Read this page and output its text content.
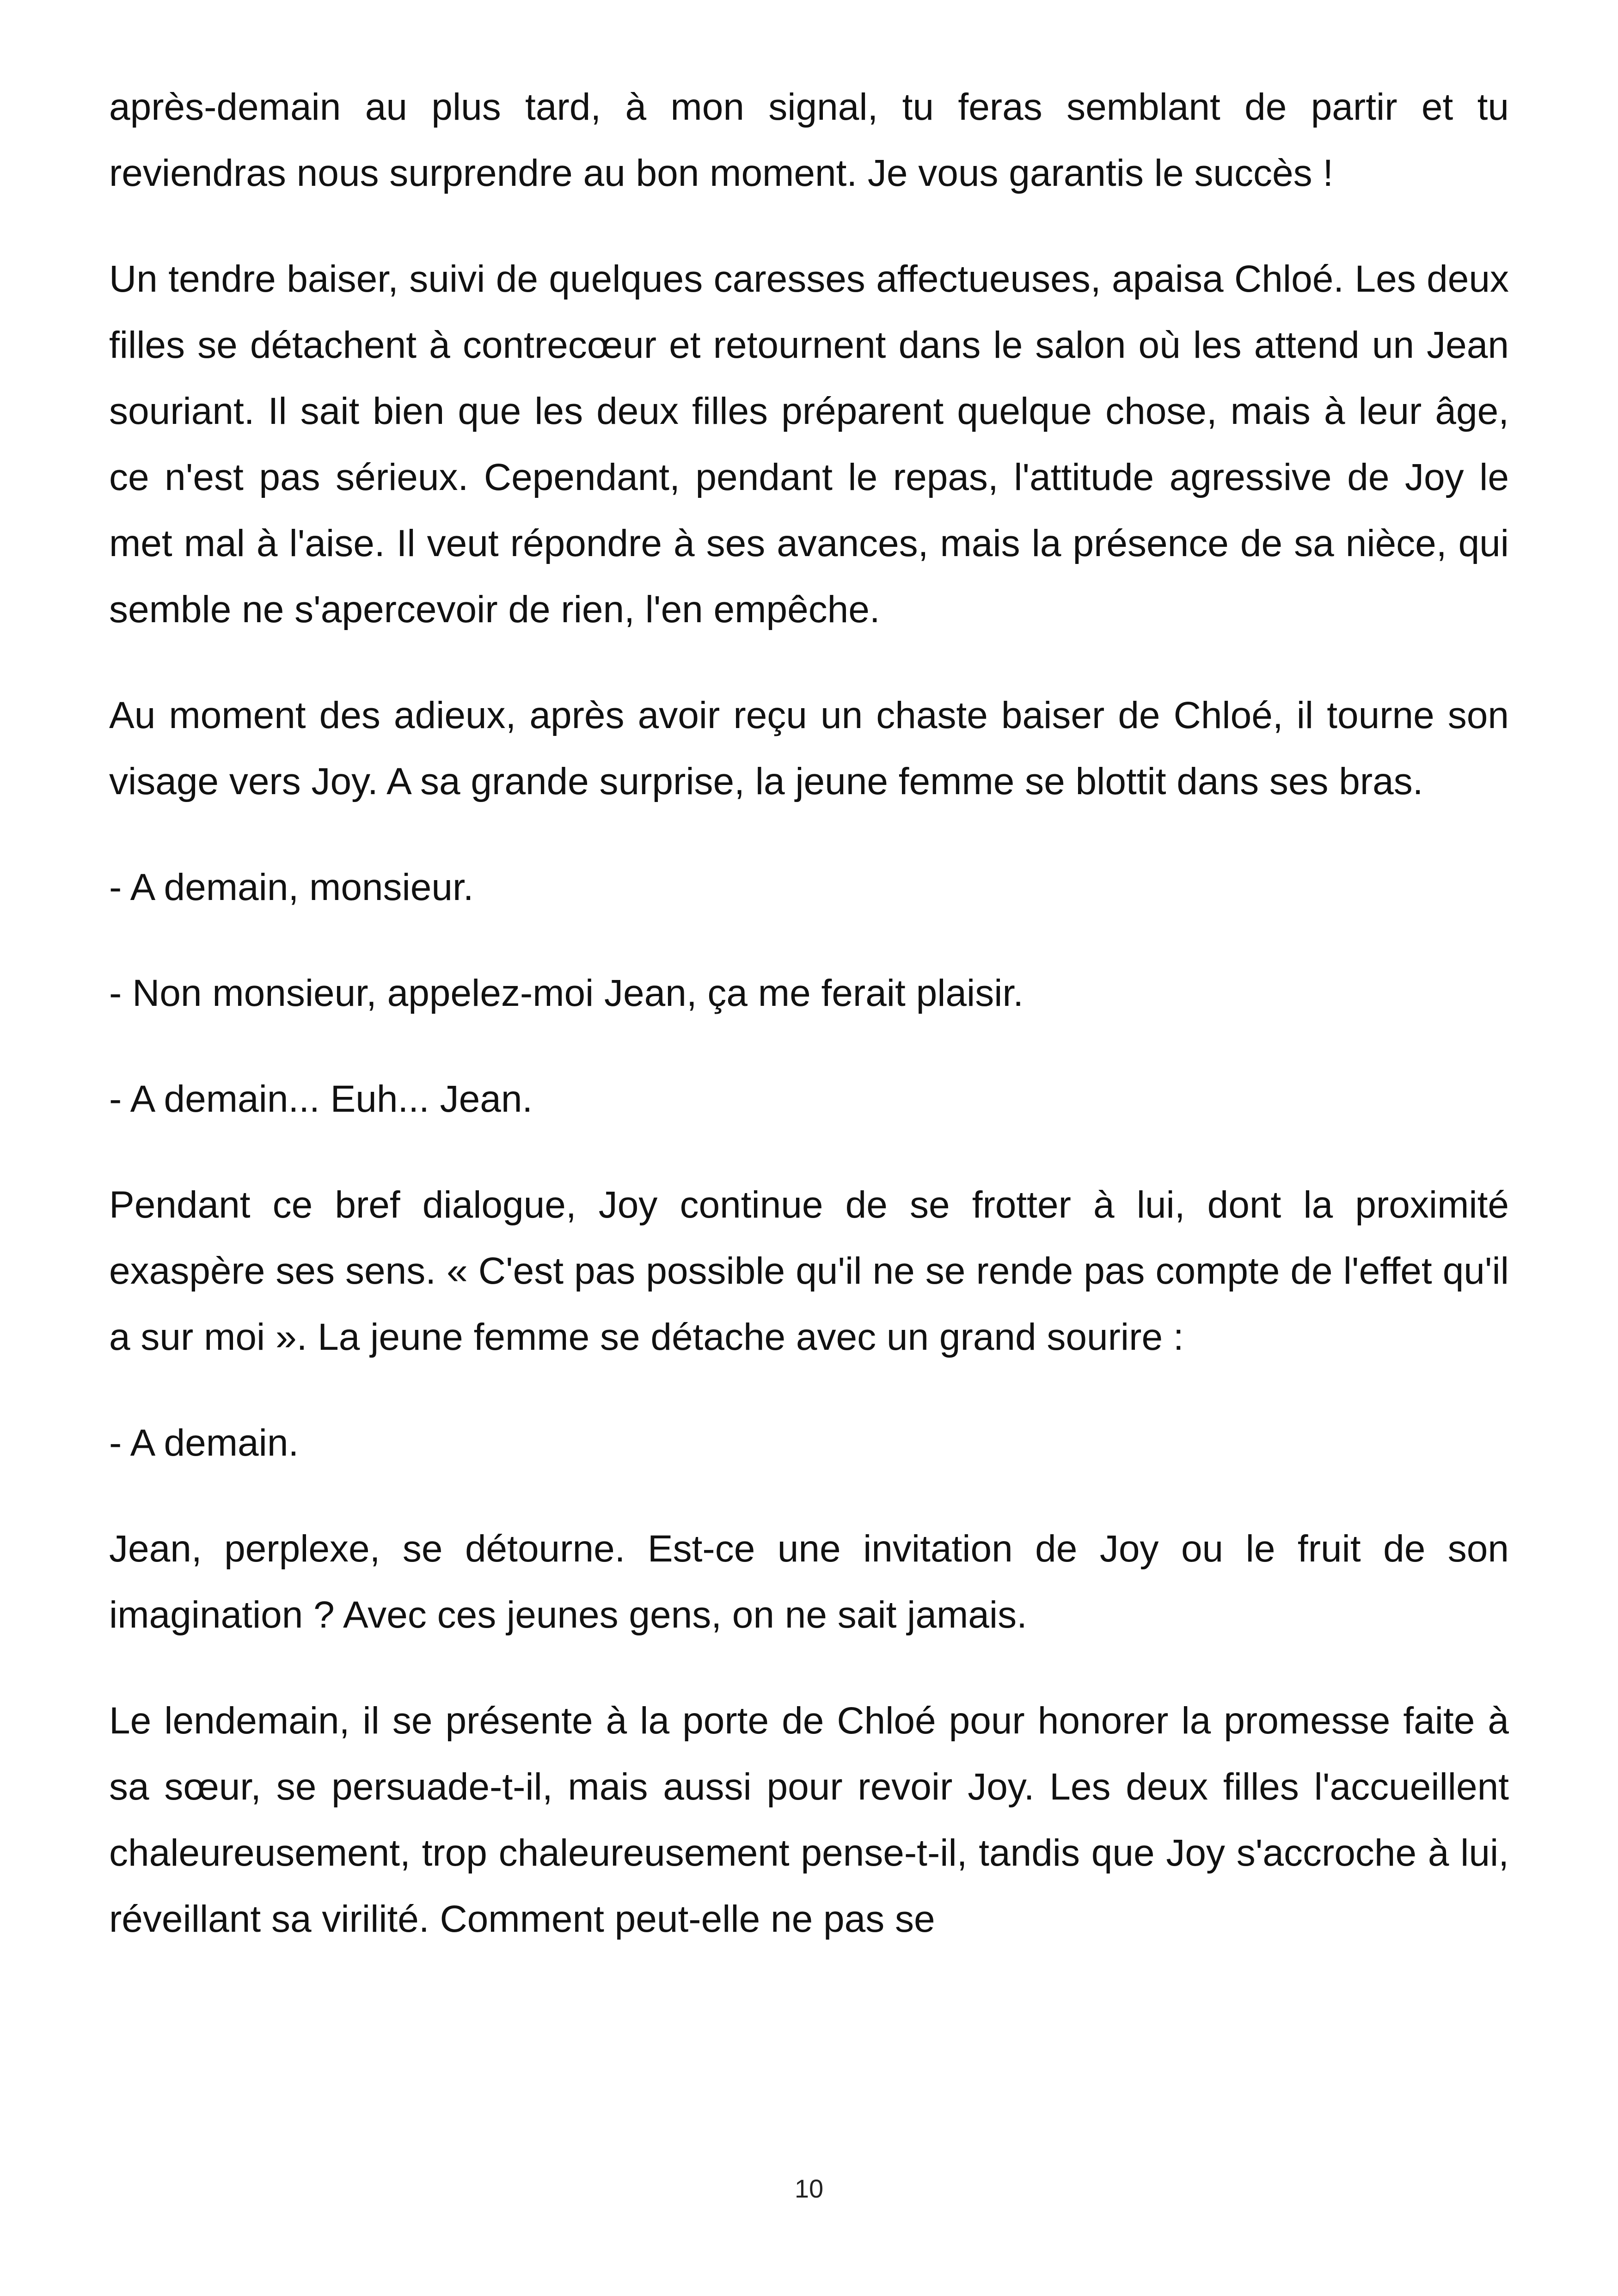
après-demain au plus tard, à mon signal, tu feras semblant de partir et tu reviendras nous surprendre au bon moment. Je vous garantis le succès !

Un tendre baiser, suivi de quelques caresses affectueuses, apaisa Chloé. Les deux filles se détachent à contrecœur et retournent dans le salon où les attend un Jean souriant. Il sait bien que les deux filles préparent quelque chose, mais à leur âge, ce n'est pas sérieux. Cependant, pendant le repas, l'attitude agressive de Joy le met mal à l'aise. Il veut répondre à ses avances, mais la présence de sa nièce, qui semble ne s'apercevoir de rien, l'en empêche.

Au moment des adieux, après avoir reçu un chaste baiser de Chloé, il tourne son visage vers Joy. A sa grande surprise, la jeune femme se blottit dans ses bras.

- A demain, monsieur.

- Non monsieur, appelez-moi Jean, ça me ferait plaisir.

- A demain... Euh... Jean.

Pendant ce bref dialogue, Joy continue de se frotter à lui, dont la proximité exaspère ses sens. « C'est pas possible qu'il ne se rende pas compte de l'effet qu'il a sur moi ». La jeune femme se détache avec un grand sourire :

- A demain.

Jean, perplexe, se détourne. Est-ce une invitation de Joy ou le fruit de son imagination ? Avec ces jeunes gens, on ne sait jamais.

Le lendemain, il se présente à la porte de Chloé pour honorer la promesse faite à sa sœur, se persuade-t-il, mais aussi pour revoir Joy. Les deux filles l'accueillent chaleureusement, trop chaleureusement pense-t-il, tandis que Joy s'accroche à lui, réveillant sa virilité. Comment peut-elle ne pas se

10
